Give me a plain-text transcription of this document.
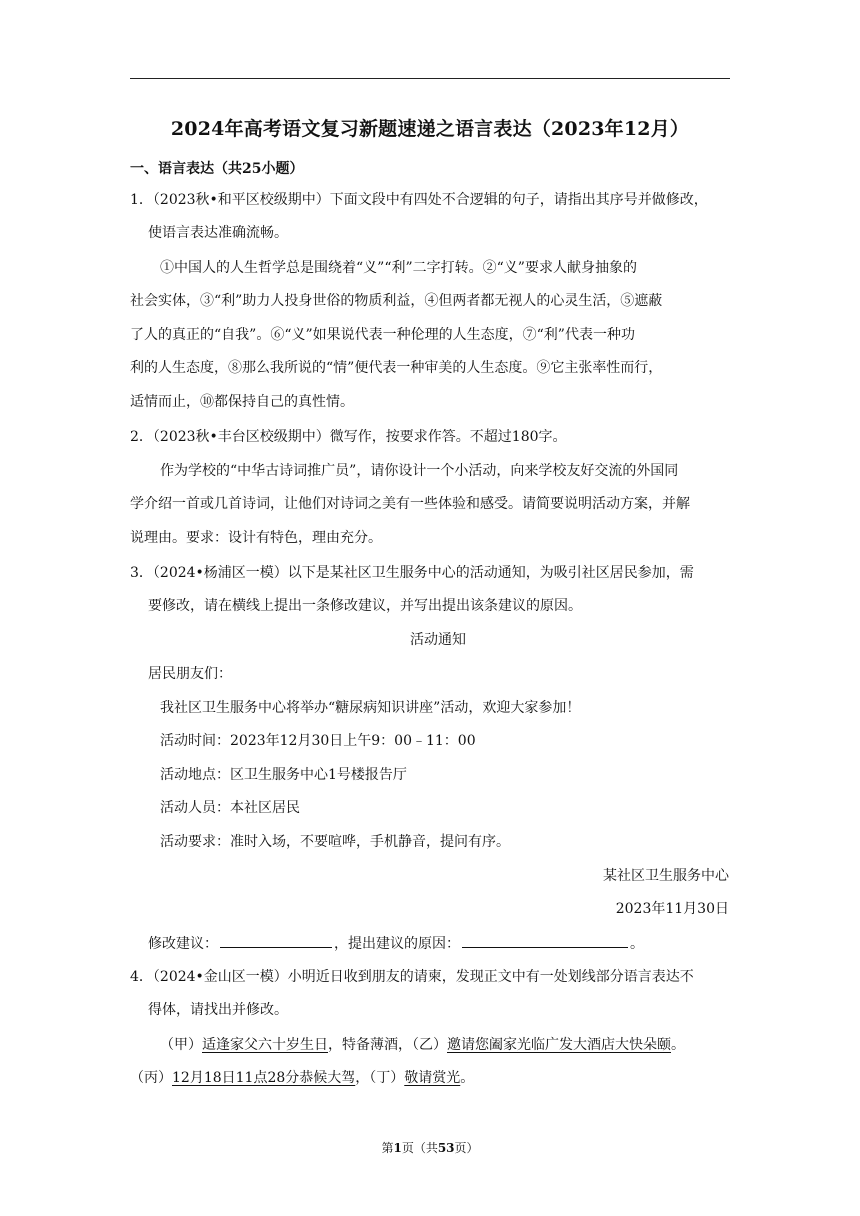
2024年高考语文复习新题速递之语言表达（2023年12月）
一、语言表达（共25小题）
1．（2023秋•和平区校级期中）下面文段中有四处不合逻辑的句子，请指出其序号并做修改，
使语言表达准确流畅。
①中国人的人生哲学总是围绕着“义”“利”二字打转。②“义”要求人献身抽象的
社会实体，③“利”助力人投身世俗的物质利益，④但两者都无视人的心灵生活，⑤遮蔽
了人的真正的“自我”。⑥“义”如果说代表一种伦理的人生态度，⑦“利”代表一种功
利的人生态度，⑧那么我所说的“情”便代表一种审美的人生态度。⑨它主张率性而行，
适情而止，⑩都保持自己的真性情。
2．（2023秋•丰台区校级期中）微写作，按要求作答。不超过180字。
作为学校的“中华古诗词推广员”，请你设计一个小活动，向来学校友好交流的外国同
学介绍一首或几首诗词，让他们对诗词之美有一些体验和感受。请简要说明活动方案，并解
说理由。要求：设计有特色，理由充分。
3．（2024•杨浦区一模）以下是某社区卫生服务中心的活动通知，为吸引社区居民参加，需
要修改，请在横线上提出一条修改建议，并写出提出该条建议的原因。
活动通知
居民朋友们：
我社区卫生服务中心将举办“糖尿病知识讲座”活动，欢迎大家参加！
活动时间：2023年12月30日上午9：00﹣11：00
活动地点：区卫生服务中心1号楼报告厅
活动人员：本社区居民
活动要求：准时入场，不要喧哗，手机静音，提问有序。
某社区卫生服务中心
2023年11月30日
修改建议：	，提出建议的原因：	。
4．（2024•金山区一模）小明近日收到朋友的请柬，发现正文中有一处划线部分语言表达不
得体，请找出并修改。
（甲）适逢家父六十岁生日，特备薄酒，（乙）邀请您阖家光临广发大酒店大快朵颐。
（丙）12月18日11点28分恭候大驾，（丁）敬请赏光。
第1页（共53页）
